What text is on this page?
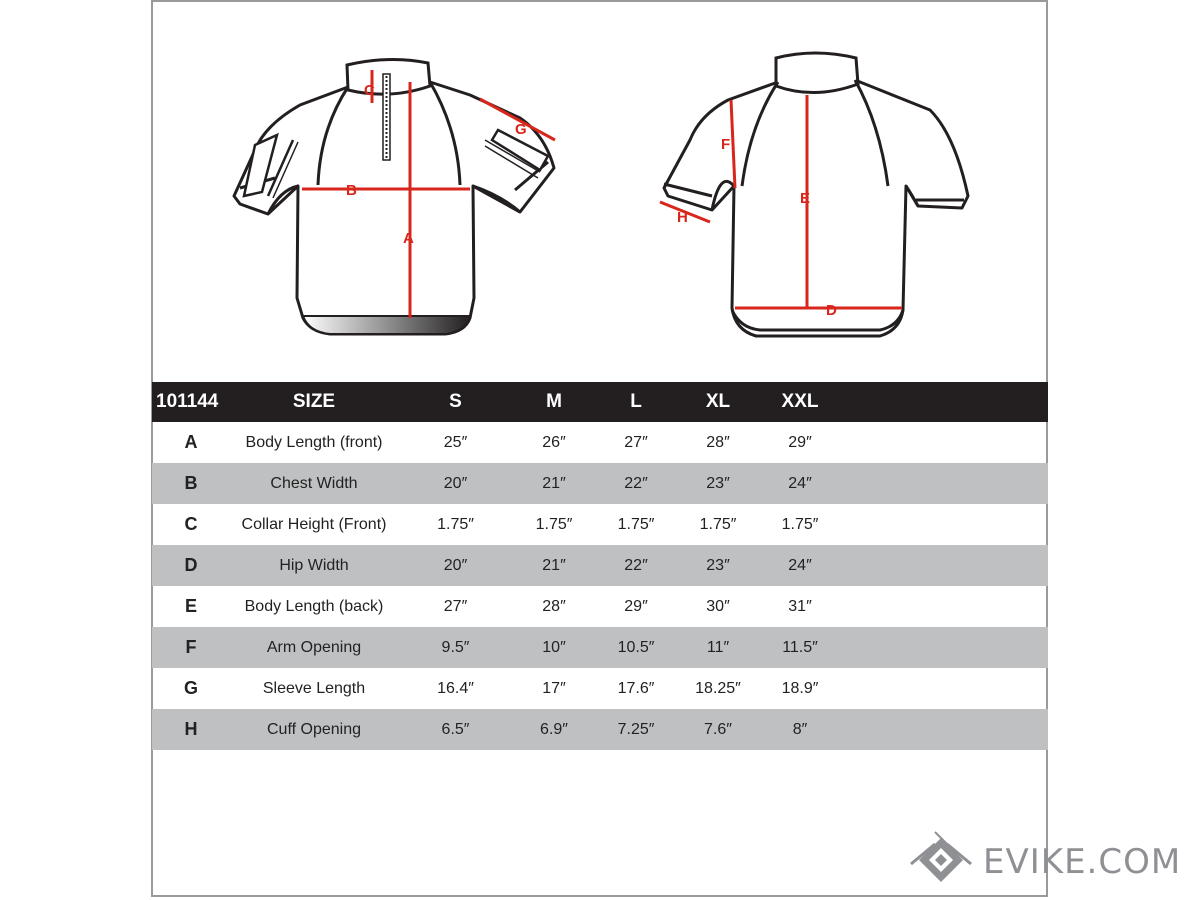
C
B
A
G
F
E
D
H
101144	SIZE	S	M	L	XL	XXL	
A	Body Length (front)	25″	26″	27″	28″	29″	
B	Chest Width	20″	21″	22″	23″	24″	
C	Collar Height (Front)	1.75″	1.75″	1.75″	1.75″	1.75″	
D	Hip Width	20″	21″	22″	23″	24″	
E	Body Length (back)	27″	28″	29″	30″	31″	
F	Arm Opening	9.5″	10″	10.5″	11″	11.5″	
G	Sleeve Length	16.4″	17″	17.6″	18.25″	18.9″	
H	Cuff Opening	6.5″	6.9″	7.25″	7.6″	8″	
EVIKE.COM
